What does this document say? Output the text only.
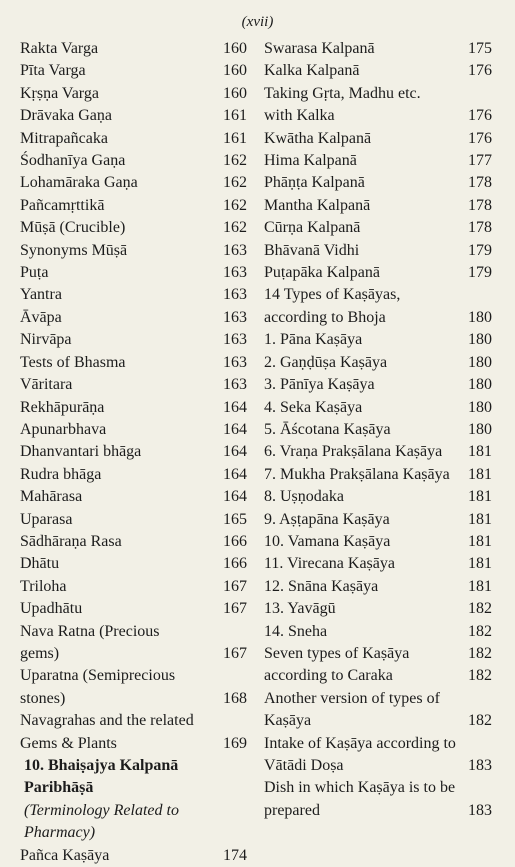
(xvii)
Rakta Varga	160
Pīta Varga	160
Kṛṣṇa Varga	160
Drāvaka Gaṇa	161
Mitrapañcaka	161
Śodhanīya Gaṇa	162
Lohamāraka Gaṇa	162
Pañcamṛttikā	162
Mūṣā (Crucible)	162
Synonyms Mūṣā	163
Puṭa	163
Yantra	163
Āvāpa	163
Nirvāpa	163
Tests of Bhasma	163
Vāritara	163
Rekhāpurāṇa	164
Apunarbhava	164
Dhanvantari bhāga	164
Rudra bhāga	164
Mahārasa	164
Uparasa	165
Sādhāraṇa Rasa	166
Dhātu	166
Triloha	167
Upadhātu	167
Nava Ratna (Precious
gems)	167
Uparatna (Semiprecious
stones)	168
Navagrahas and the related
Gems & Plants	169
10. Bhaiṣajya Kalpanā Paribhāṣā
(Terminology Related to Pharmacy)
Pañca Kaṣāya	174
Swarasa Kalpanā	175
Kalka Kalpanā	176
Taking Gṛta, Madhu etc.
with Kalka	176
Kwātha Kalpanā	176
Hima Kalpanā	177
Phāṇṭa Kalpanā	178
Mantha Kalpanā	178
Cūrṇa Kalpanā	178
Bhāvanā Vidhi	179
Puṭapāka Kalpanā	179
14 Types of Kaṣāyas,
according to Bhoja	180
1. Pāna Kaṣāya	180
2. Gaṇḍūṣa Kaṣāya	180
3. Pānīya Kaṣāya	180
4. Seka Kaṣāya	180
5. Āścotana Kaṣāya	180
6. Vraṇa Prakṣālana Kaṣāya	181
7. Mukha Prakṣālana Kaṣāya	181
8. Uṣṇodaka	181
9. Aṣṭapāna Kaṣāya	181
10. Vamana Kaṣāya	181
11. Virecana Kaṣāya	181
12. Snāna Kaṣāya	181
13. Yavāgū	182
14. Sneha	182
Seven types of Kaṣāya	182
according to Caraka	182
Another version of types of
Kaṣāya	182
Intake of Kaṣāya according to
Vātādi Doṣa	183
Dish in which Kaṣāya is to be
prepared	183
